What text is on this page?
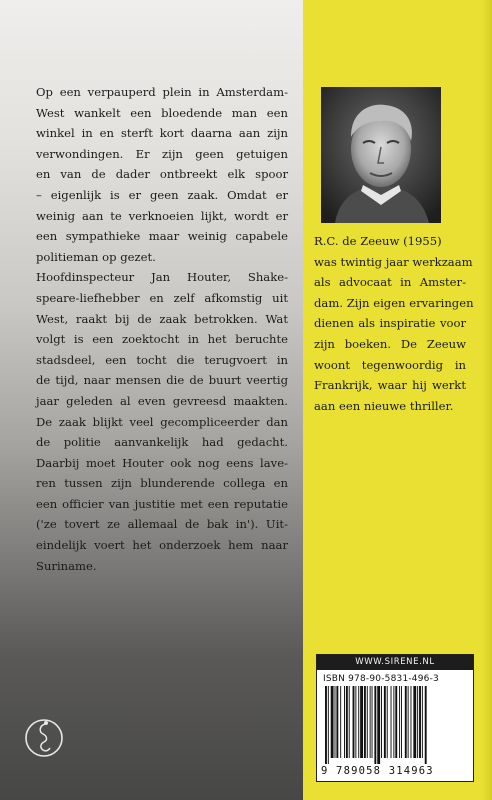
Op een verpauperd plein in Amsterdam-
West wankelt een bloedende man een
winkel in en sterft kort daarna aan zijn
verwondingen. Er zijn geen getuigen
en van de dader ontbreekt elk spoor
– eigenlijk is er geen zaak. Omdat er
weinig aan te verknoeien lijkt, wordt er
een sympathieke maar weinig capabele
politieman op gezet.
Hoofdinspecteur Jan Houter, Shake-
speare-liefhebber en zelf afkomstig uit
West, raakt bij de zaak betrokken. Wat
volgt is een zoektocht in het beruchte
stadsdeel, een tocht die terugvoert in
de tijd, naar mensen die de buurt veertig
jaar geleden al even gevreesd maakten.
De zaak blijkt veel gecompliceerder dan
de politie aanvankelijk had gedacht.
Daarbij moet Houter ook nog eens lave-
ren tussen zijn blunderende collega en
een officier van justitie met een reputatie
('ze tovert ze allemaal de bak in'). Uit-
eindelijk voert het onderzoek hem naar
Suriname.
R.C. de Zeeuw (1955)
was twintig jaar werkzaam
als advocaat in Amster-
dam. Zijn eigen ervaringen
dienen als inspiratie voor
zijn boeken. De Zeeuw
woont tegenwoordig in
Frankrijk, waar hij werkt
aan een nieuwe thriller.
WWW.SIRENE.NL
ISBN 978-90-5831-496-3
9 789058 314963
